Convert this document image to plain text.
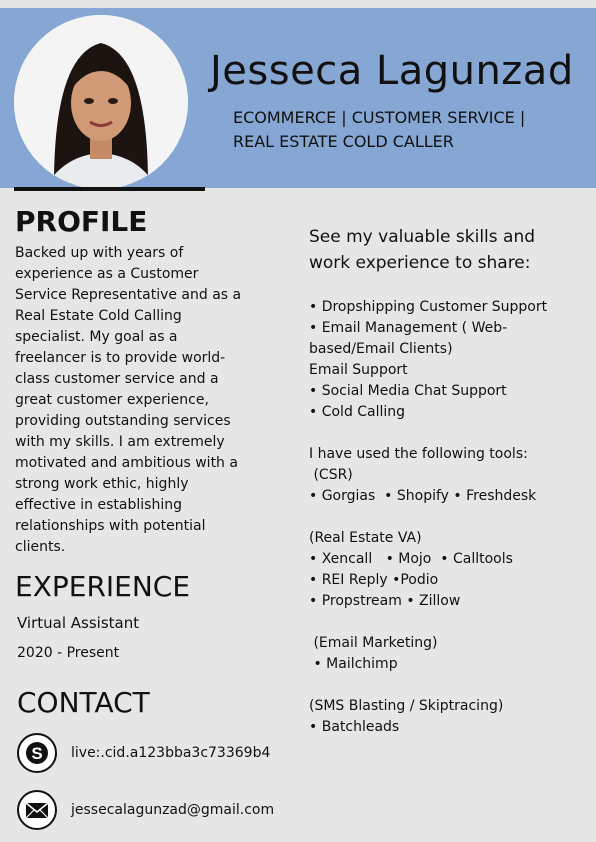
Jesseca Lagunzad
ECOMMERCE | CUSTOMER SERVICE |
REAL ESTATE COLD CALLER
PROFILE

Backed up with years of experience as a Customer Service Representative and as a Real Estate Cold Calling specialist. My goal as a freelancer is to provide world-class customer service and a great customer experience, providing outstanding services with my skills. I am extremely motivated and ambitious with a strong work ethic, highly effective in establishing relationships with potential clients.

EXPERIENCE
Virtual Assistant
2020 - Present
CONTACT
S live:.cid.a123bba3c73369b4
jessecalagunzad@gmail.com

See my valuable skills and work experience to share:

• Dropshipping Customer Support
• Email Management ( Web-
based/Email Clients)
Email Support
• Social Media Chat Support
• Cold Calling

I have used the following tools:
(CSR)
• Gorgias  • Shopify • Freshdesk

(Real Estate VA)
• Xencall   • Mojo  • Calltools
• REI Reply •Podio
• Propstream • Zillow

(Email Marketing)
• Mailchimp

(SMS Blasting / Skiptracing)
• Batchleads
